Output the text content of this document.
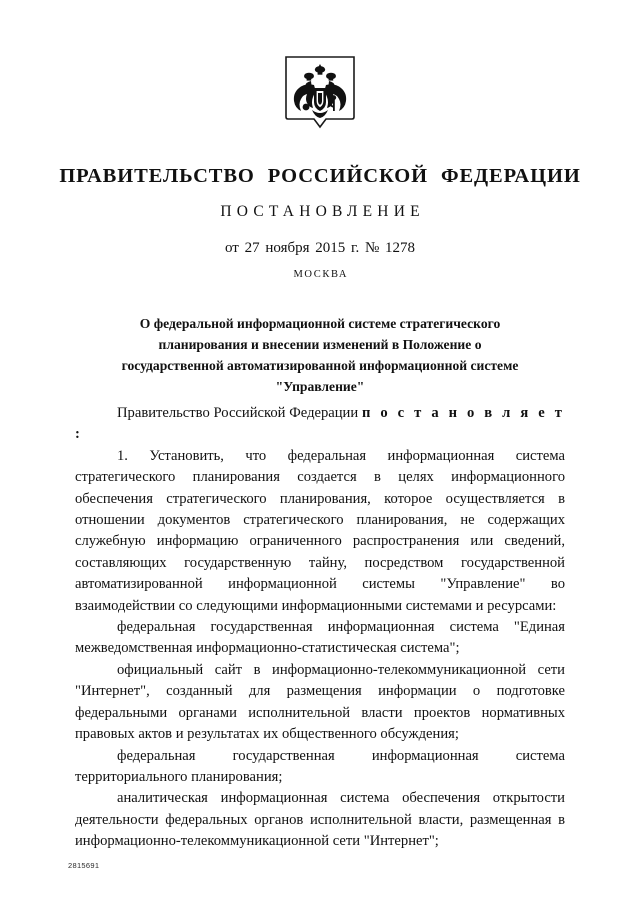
ПРАВИТЕЛЬСТВО РОССИЙСКОЙ ФЕДЕРАЦИИ
ПОСТАНОВЛЕНИЕ
от 27 ноября 2015 г. № 1278
МОСКВА
О федеральной информационной системе стратегического планирования и внесении изменений в Положение о государственной автоматизированной информационной системе "Управление"

Правительство Российской Федерации п о с т а н о в л я е т :

1. Установить, что федеральная информационная система стратегического планирования создается в целях информационного обеспечения стратегического планирования, которое осуществляется в отношении документов стратегического планирования, не содержащих служебную информацию ограниченного распространения или сведений, составляющих государственную тайну, посредством государственной автоматизированной информационной системы "Управление" во взаимодействии со следующими информационными системами и ресурсами:

федеральная государственная информационная система "Единая межведомственная информационно-статистическая система";

официальный сайт в информационно-телекоммуникационной сети "Интернет", созданный для размещения информации о подготовке федеральными органами исполнительной власти проектов нормативных правовых актов и результатах их общественного обсуждения;

федеральная государственная информационная система территориального планирования;

аналитическая информационная система обеспечения открытости деятельности федеральных органов исполнительной власти, размещенная в информационно-телекоммуникационной сети "Интернет";

2815691
